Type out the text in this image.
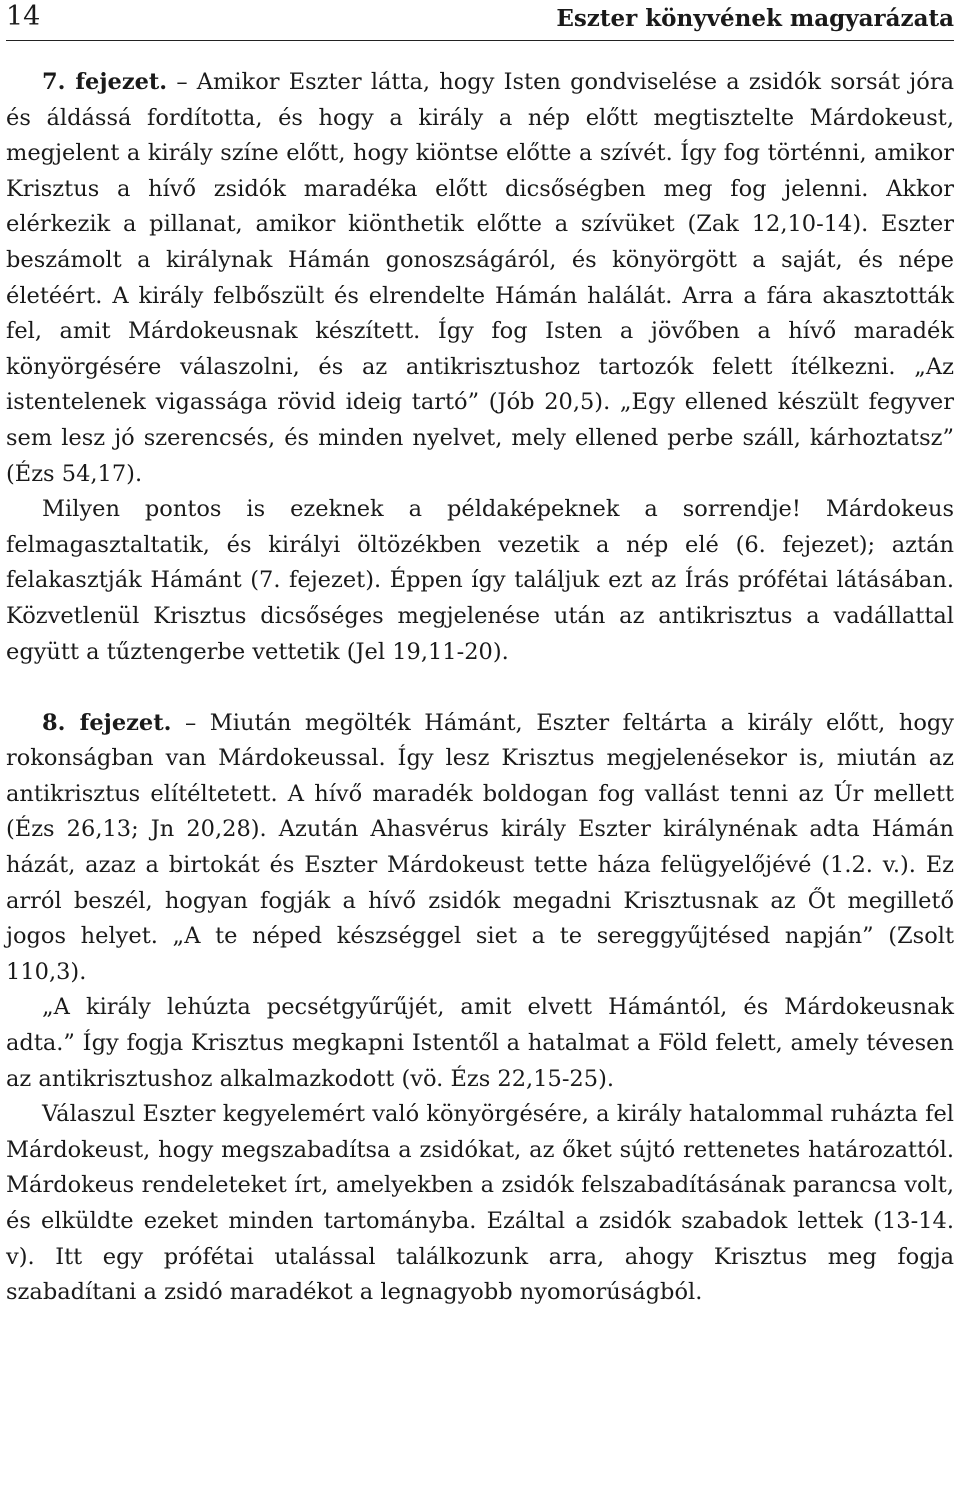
14	Eszter könyvének magyarázata

7. fejezet. – Amikor Eszter látta, hogy Isten gondviselése a zsidók sorsát jóra és áldássá fordította, és hogy a király a nép előtt megtisztelte Márdokeust, megjelent a király színe előtt, hogy kiöntse előtte a szívét. Így fog történni, amikor Krisztus a hívő zsidók maradéka előtt dicsőségben meg fog jelenni. Akkor elérkezik a pillanat, amikor kiönthetik előtte a szívüket (Zak 12,10-14). Eszter beszámolt a királynak Hámán gonoszságáról, és könyörgött a saját, és népe életéért. A király felbőszült és elrendelte Hámán halálát. Arra a fára akasztották fel, amit Márdokeusnak készített. Így fog Isten a jövőben a hívő maradék könyörgésére válaszolni, és az antikrisztushoz tartozók felett ítélkezni. „Az istentelenek vigassága rövid ideig tartó” (Jób 20,5). „Egy ellened készült fegyver sem lesz jó szerencsés, és minden nyelvet, mely ellened perbe száll, kárhoztatsz” (Ézs 54,17).

Milyen pontos is ezeknek a példaképeknek a sorrendje! Márdokeus felmagasztaltatik, és királyi öltözékben vezetik a nép elé (6. fejezet); aztán felakasztják Hámánt (7. fejezet). Éppen így találjuk ezt az Írás prófétai látásában. Közvetlenül Krisztus dicsőséges megjelenése után az antikrisztus a vadállattal együtt a tűztengerbe vettetik (Jel 19,11-20).

8. fejezet. – Miután megölték Hámánt, Eszter feltárta a király előtt, hogy rokonságban van Márdokeussal. Így lesz Krisztus megjelenésekor is, miután az antikrisztus elítéltetett. A hívő maradék boldogan fog vallást tenni az Úr mellett (Ézs 26,13; Jn 20,28). Azután Ahasvérus király Eszter királynénak adta Hámán házát, azaz a birtokát és Eszter Márdokeust tette háza felügyelőjévé (1.2. v.). Ez arról beszél, hogyan fogják a hívő zsidók megadni Krisztusnak az Őt megillető jogos helyet. „A te néped készséggel siet a te sereggyűjtésed napján” (Zsolt 110,3).

„A király lehúzta pecsétgyűrűjét, amit elvett Hámántól, és Márdokeusnak adta.” Így fogja Krisztus megkapni Istentől a hatalmat a Föld felett, amely tévesen az antikrisztushoz alkalmazkodott (vö. Ézs 22,15-25).

Válaszul Eszter kegyelemért való könyörgésére, a király hatalommal ruházta fel Márdokeust, hogy megszabadítsa a zsidókat, az őket sújtó rettenetes határozattól. Márdokeus rendeleteket írt, amelyekben a zsidók felszabadításának parancsa volt, és elküldte ezeket minden tartományba. Ezáltal a zsidók szabadok lettek (13-14. v). Itt egy prófétai utalással találkozunk arra, ahogy Krisztus meg fogja szabadítani a zsidó maradékot a legnagyobb nyomorúságból.
